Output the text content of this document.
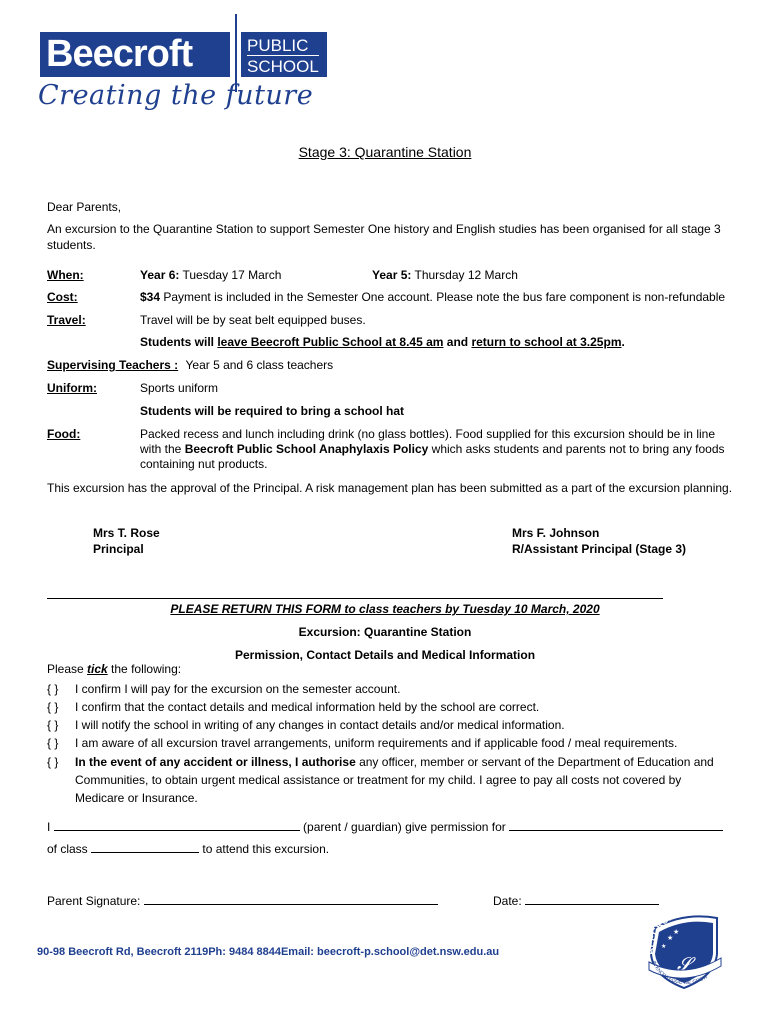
Beecroft	PUBLIC
SCHOOL
Creating the future
Stage 3: Quarantine Station
Dear Parents,
An excursion to the Quarantine Station to support Semester One history and English studies has been organised for all stage 3 students.
When:	Year 6: Tuesday 17 March	Year 5: Thursday 12 March
Cost:	$34 Payment is included in the Semester One account. Please note the bus fare component is non-refundable
Travel:	Travel will be by seat belt equipped buses.
Students will leave Beecroft Public School at 8.45 am and return to school at 3.25pm.
Supervising Teachers : Year 5 and 6 class teachers
Uniform:	Sports uniform
Students will be required to bring a school hat
Food:	Packed recess and lunch including drink (no glass bottles). Food supplied for this excursion should be in line with the Beecroft Public School Anaphylaxis Policy which asks students and parents not to bring any foods containing nut products.
This excursion has the approval of the Principal. A risk management plan has been submitted as a part of the excursion planning.
Mrs T. Rose
Principal
Mrs F. Johnson
R/Assistant Principal (Stage 3)
PLEASE RETURN THIS FORM to class teachers by Tuesday 10 March, 2020
Excursion: Quarantine Station
Permission, Contact Details and Medical Information
Please tick the following:
{ } I confirm I will pay for the excursion on the semester account.
{ } I confirm that the contact details and medical information held by the school are correct.
{ } I will notify the school in writing of any changes in contact details and/or medical information.
{ } I am aware of all excursion travel arrangements, uniform requirements and if applicable food / meal requirements.
{ }	In the event of any accident or illness, I authorise any officer, member or servant of the Department of Education and Communities, to obtain urgent medical assistance or treatment for my child. I agree to pay all costs not covered by Medicare or Insurance.
I	(parent / guardian) give permission for
of class	to attend this excursion.
Parent Signature:	Date:
90-98 Beecroft Rd, Beecroft 2119Ph: 9484 8844Email: beecroft-p.school@det.nsw.edu.au
★
★
★
BEECROFT
𝓢
IN KNOWLEDGE WE GROW
